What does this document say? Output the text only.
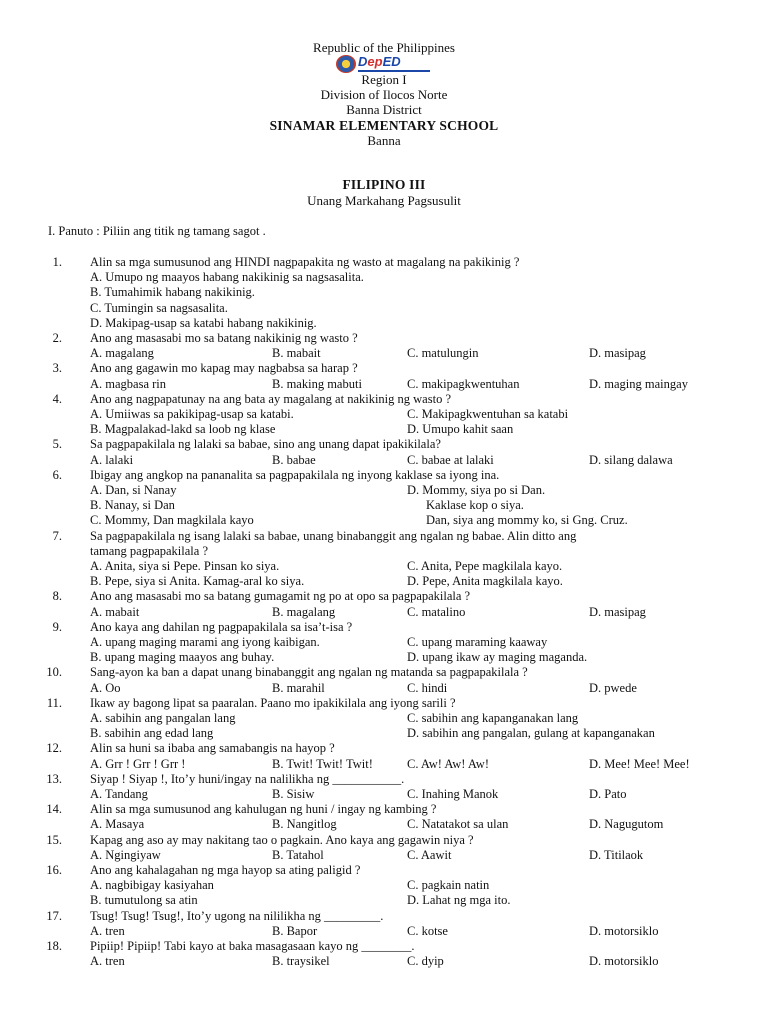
Republic of the Philippines
DepED
Region I
Division of Ilocos Norte
Banna District
SINAMAR ELEMENTARY SCHOOL
Banna
FILIPINO III
Unang Markahang Pagsusulit
I. Panuto : Piliin ang titik ng tamang sagot .
1. Alin sa mga sumusunod ang HINDI nagpapakita ng wasto at magalang na pakikinig ?
A. Umupo ng maayos habang nakikinig sa nagsasalita.
B. Tumahimik habang nakikinig.
C. Tumingin sa nagsasalita.
D. Makipag-usap sa katabi habang nakikinig.
2. Ano ang masasabi mo sa batang nakikinig ng wasto ?
A. magalang	B. mabait	C. matulungin	D. masipag
3. Ano ang gagawin mo kapag may nagbabsa sa harap ?
A. magbasa rin	B. making mabuti	C. makipagkwentuhan	D. maging maingay
4. Ano ang nagpapatunay na ang bata ay magalang at nakikinig ng wasto ?
A. Umiiwas sa pakikipag-usap sa katabi.	C. Makipagkwentuhan sa katabi
B. Magpalakad-lakd sa loob ng klase	D. Umupo kahit saan
5. Sa pagpapakilala ng lalaki sa babae, sino ang unang dapat ipakikilala?
A. lalaki	B. babae	C. babae at lalaki	D. silang dalawa
6. Ibigay ang angkop na pananalita sa pagpapakilala ng inyong kaklase sa iyong ina.
A. Dan, si Nanay	D. Mommy, siya po si Dan.
B. Nanay, si Dan	Kaklase kop o siya.
C. Mommy, Dan magkilala kayo	Dan, siya ang mommy ko, si Gng. Cruz.
7. Sa pagpapakilala ng isang lalaki sa babae, unang binabanggit ang ngalan ng babae. Alin ditto ang
tamang pagpapakilala ?
A. Anita, siya si Pepe. Pinsan ko siya.	C. Anita, Pepe magkilala kayo.
B. Pepe, siya si Anita. Kamag-aral ko siya.	D. Pepe, Anita magkilala kayo.
8. Ano ang masasabi mo sa batang gumagamit ng po at opo sa pagpapakilala ?
A. mabait	B. magalang	C. matalino	D. masipag
9. Ano kaya ang dahilan ng pagpapakilala sa isa’t-isa ?
A. upang maging marami ang iyong kaibigan.	C. upang maraming kaaway
B. upang maging maayos ang buhay.	D. upang ikaw ay maging maganda.
10. Sang-ayon ka ban a dapat unang binabanggit ang ngalan ng matanda sa pagpapakilala ?
A. Oo	B. marahil	C. hindi	D. pwede
11. Ikaw ay bagong lipat sa paaralan. Paano mo ipakikilala ang iyong sarili ?
A. sabihin ang pangalan lang	C. sabihin ang kapanganakan lang
B. sabihin ang edad lang	D. sabihin ang pangalan, gulang at kapanganakan
12. Alin sa huni sa ibaba ang samabangis na hayop ?
A. Grr ! Grr ! Grr !	B. Twit! Twit! Twit!	C. Aw! Aw! Aw!	D. Mee! Mee! Mee!
13. Siyap ! Siyap !, Ito’y huni/ingay na nalilikha ng ___________.
A. Tandang	B. Sisiw	C. Inahing Manok	D. Pato
14. Alin sa mga sumusunod ang kahulugan ng huni / ingay ng kambing ?
A. Masaya	B. Nangitlog	C. Natatakot sa ulan	D. Nagugutom
15. Kapag ang aso ay may nakitang tao o pagkain. Ano kaya ang gagawin niya ?
A. Ngingiyaw	B. Tatahol	C. Aawit	D. Titilaok
16. Ano ang kahalagahan ng mga hayop sa ating paligid ?
A. nagbibigay kasiyahan	C. pagkain natin
B. tumutulong sa atin	D. Lahat ng mga ito.
17. Tsug! Tsug! Tsug!, Ito’y ugong na nililikha ng _________.
A. tren	B. Bapor	C. kotse	D. motorsiklo
18. Pipiip! Pipiip! Tabi kayo at baka masagasaan kayo ng ________.
A. tren	B. traysikel	C. dyip	D. motorsiklo
